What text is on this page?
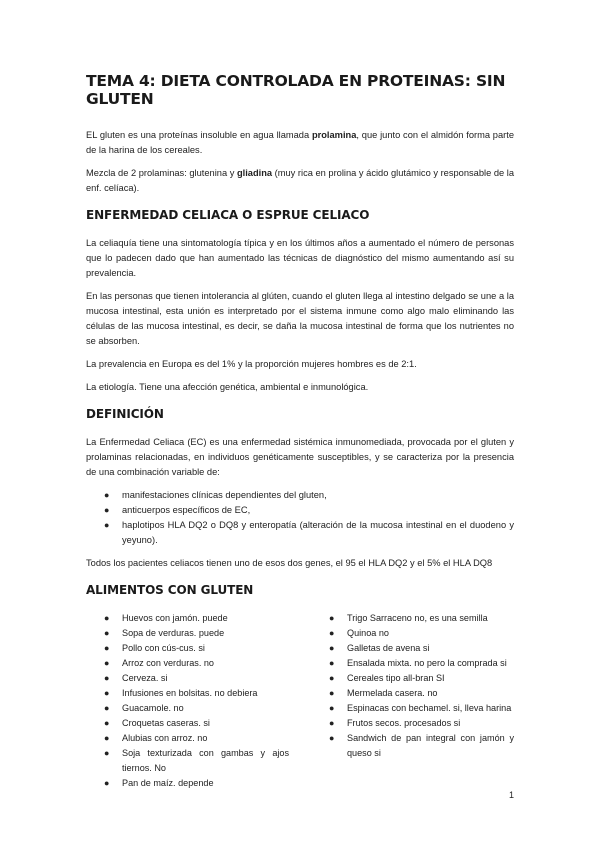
TEMA 4: DIETA CONTROLADA EN PROTEINAS: SIN GLUTEN

EL gluten es una proteínas insoluble en agua llamada prolamina, que junto con el almidón forma parte de la harina de los cereales.

Mezcla de 2 prolaminas: glutenina y gliadina (muy rica en prolina y ácido glutámico y responsable de la enf. celíaca).

ENFERMEDAD CELIACA O ESPRUE CELIACO

La celiaquía tiene una sintomatología típica y en los últimos años a aumentado el número de personas que lo padecen dado que han aumentado las técnicas de diagnóstico del mismo aumentando así su prevalencia.

En las personas que tienen intolerancia al glúten, cuando el gluten llega al intestino delgado se une a la mucosa intestinal, esta unión es interpretado por el sistema inmune como algo malo eliminando las células de las mucosa intestinal, es decir, se daña la mucosa intestinal de forma que los nutrientes no se absorben.

La prevalencia en Europa es del 1% y la proporción mujeres hombres es de 2:1.

La etiología. Tiene una afección genética, ambiental e inmunológica.

DEFINICIÓN

La Enfermedad Celiaca (EC) es una enfermedad sistémica inmunomediada, provocada por el gluten y prolaminas relacionadas, en individuos genéticamente susceptibles, y se caracteriza por la presencia de una combinación variable de:

● manifestaciones clínicas dependientes del gluten,
● anticuerpos específicos de EC,
● haplotipos HLA DQ2 o DQ8 y enteropatía (alteración de la mucosa intestinal en el duodeno y yeyuno).

Todos los pacientes celiacos tienen uno de esos dos genes, el 95 el HLA DQ2 y el 5% el HLA DQ8

ALIMENTOS CON GLUTEN
● Huevos con jamón. puede
● Sopa de verduras. puede
● Pollo con cús-cus. si
● Arroz con verduras. no
● Cerveza. si
● Infusiones en bolsitas. no debiera
● Guacamole. no
● Croquetas caseras. si
● Alubias con arroz. no
● Soja texturizada con gambas y ajos tiernos. No
● Pan de maíz. depende
● Trigo Sarraceno no, es una semilla
● Quinoa no
● Galletas de avena si
● Ensalada mixta. no pero la comprada si
● Cereales tipo all-bran SI
● Mermelada casera. no
● Espinacas con bechamel. si, lleva harina
● Frutos secos. procesados si
● Sandwich de pan integral con jamón y queso si
1
